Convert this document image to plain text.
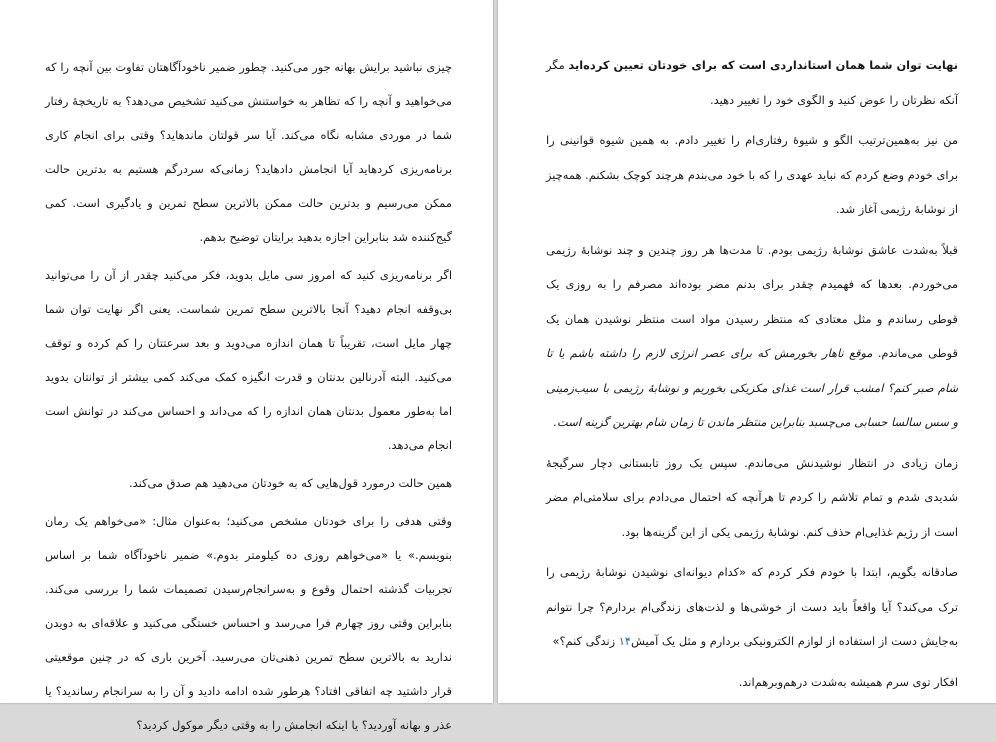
چیزی نباشید برایش بهانه جور می‌کنید. چطور ضمیر ناخودآگاهتان تفاوت بین آنچه را که می‌خواهید و آنچه را که تظاهر به خواستنش می‌کنید تشخیص می‌دهد؟ به تاریخچهٔ رفتار شما در موردی مشابه نگاه می‌کند. آیا سر قولتان ماندهاید؟ وقتی برای انجام کاری برنامه‌ریزی کردهاید آیا انجامش دادهاید؟ زمانی‌که سردرگم هستیم به بدترین حالت ممکن می‌رسیم و بدترین حالت ممکن بالاترین سطح تمرین و یادگیری است. کمی گیج‌کننده شد بنابراین اجازه بدهید برایتان توضیح بدهم.

اگر برنامه‌ریزی کنید که امروز سی مایل بدوید، فکر می‌کنید چقدر از آن را می‌توانید بی‌وقفه انجام دهید؟ آنجا بالاترین سطح تمرین شماست. یعنی اگر نهایت توان شما چهار مایل است، تقریباً تا همان اندازه می‌دوید و بعد سرعتتان را کم کرده و توقف می‌کنید. البته آدرنالین بدنتان و قدرت انگیزه کمک می‌کند کمی بیشتر از توانتان بدوید اما به‌طور معمول بدنتان همان اندازه را که می‌داند و احساس می‌کند در توانش است انجام می‌دهد.

همین حالت درمورد قول‌هایی که به خودتان می‌دهید هم صدق می‌کند.

وقتی هدفی را برای خودتان مشخص می‌کنید؛ به‌عنوان مثال: «می‌خواهم یک رمان بنویسم.» یا «می‌خواهم روزی ده کیلومتر بدوم.» ضمیر ناخودآگاه شما بر اساس تجربیات گذشته احتمال وقوع و به‌سرانجام‌رسیدن تصمیمات شما را بررسی می‌کند. بنابراین وقتی روز چهارم فرا می‌رسد و احساس خستگی می‌کنید و علاقه‌ای به دویدن ندارید به بالاترین سطح تمرین ذهنی‌تان می‌رسید. آخرین باری که در چنین موقعیتی قرار داشتید چه اتفاقی افتاد؟ هرطور شده ادامه دادید و آن را به سرانجام رساندید؟ یا عذر و بهانه آوردید؟ یا اینکه انجامش را به وقتی دیگر موکول کردید؟

نهایت توان شما همان استانداردی است که برای خودتان تعیین کرده‌اید مگر آنکه نظرتان را عوض کنید و الگوی خود را تغییر دهید.

من نیز به‌همین‌ترتیب الگو و شیوهٔ رفتاری‌ام را تغییر دادم. به همین شیوه قوانینی را برای خودم وضع کردم که نباید عهدی را که با خود می‌بندم هرچند کوچک بشکنم. همه‌چیز از نوشابهٔ رژیمی آغاز شد.

قبلاً به‌شدت عاشق نوشابهٔ رژیمی بودم. تا مدت‌ها هر روز چندین و چند نوشابهٔ رژیمی می‌خوردم. بعدها که فهمیدم چقدر برای بدنم مضر بوده‌اند مصرفم را به روزی یک قوطی رساندم و مثل معتادی که منتظر رسیدن مواد است منتظر نوشیدن همان یک قوطی می‌ماندم. موقع ناهار بخورمش که برای عصر انرژی لازم را داشته باشم یا تا شام صبر کنم؟ امشب قرار است غذای مکزیکی بخوریم و نوشابهٔ رژیمی با سیب‌زمینی و سس سالسا حسابی می‌چسبد بنابراین منتظر ماندن تا زمان شام بهترین گزینه است.

زمان زیادی در انتظار نوشیدنش می‌ماندم. سپس یک روز تابستانی دچار سرگیجهٔ شدیدی شدم و تمام تلاشم را کردم تا هرآنچه که احتمال می‌دادم برای سلامتی‌ام مضر است از رژیم غذایی‌ام حذف کنم. نوشابهٔ رژیمی یکی از این گزینه‌ها بود.

صادقانه بگویم، ابتدا با خودم فکر کردم که «کدام دیوانه‌ای نوشیدن نوشابهٔ رژیمی را ترک می‌کند؟ آیا واقعاً باید دست از خوشی‌ها و لذت‌های زندگی‌ام بردارم؟ چرا نتوانم به‌جایش دست از استفاده از لوازم الکترونیکی بردارم و مثل یک آمیش۱۴ زندگی کنم؟»

افکار توی سرم همیشه به‌شدت درهم‌وبرهم‌اند.
